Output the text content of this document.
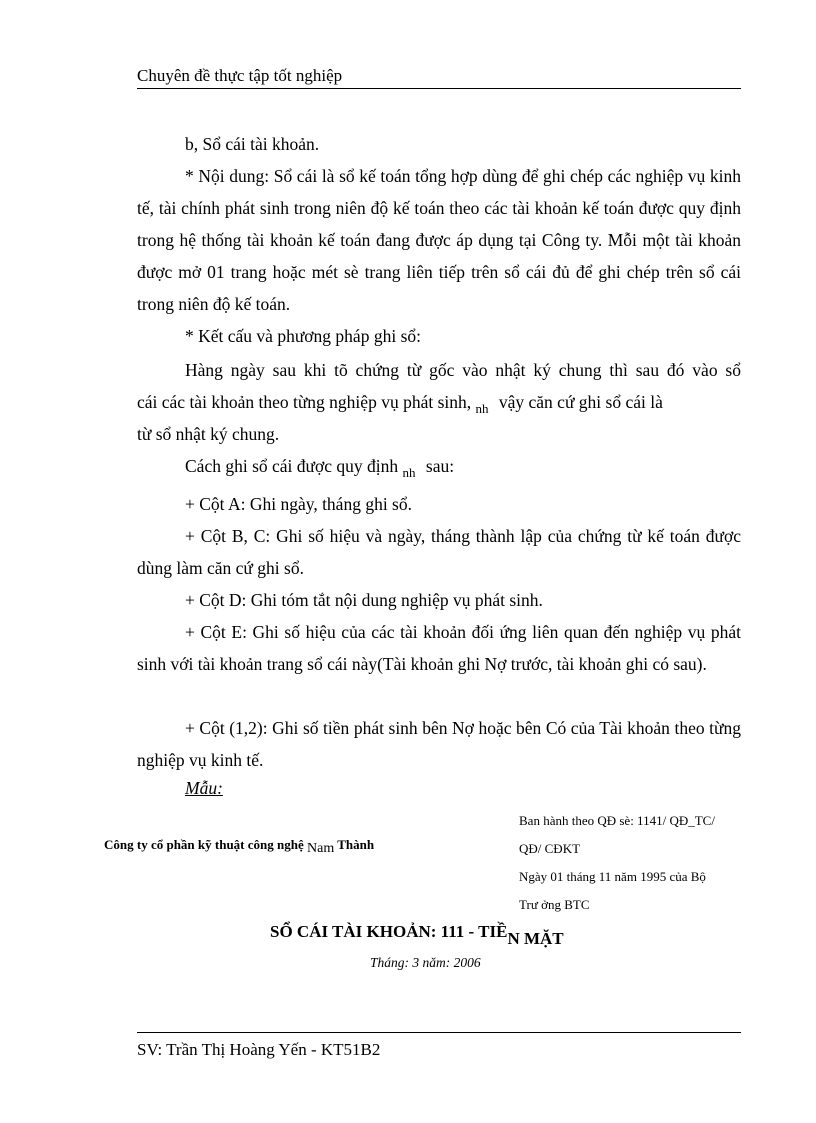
Chuyên đề thực tập tốt nghiệp
b, Sổ cái tài khoản.
* Nội dung: Sổ cái là sổ kế toán tổng hợp dùng để ghi chép các nghiệp vụ kinh tế, tài chính phát sinh trong niên độ kế toán theo các tài khoản kế toán được quy định trong hệ thống tài khoản kế toán đang được áp dụng tại Công ty. Mỗi một tài khoản được mở 01 trang hoặc mét sè trang liên tiếp trên sổ cái đủ để ghi chép trên sổ cái trong niên độ kế toán.
* Kết cấu và phương pháp ghi sổ:
Hàng ngày sau khi tõ chứng từ gốc vào nhật ký chung thì sau đó vào sổ
cái các tài khoản theo từng nghiệp vụ phát sinh, nh vậy căn cứ ghi sổ cái là
từ sổ nhật ký chung.
Cách ghi sổ cái được quy định nh sau:
+ Cột A: Ghi ngày, tháng ghi sổ.
+ Cột B, C: Ghi số hiệu và ngày, tháng thành lập của chứng từ kế toán được dùng làm căn cứ ghi sổ.
+ Cột D: Ghi tóm tắt nội dung nghiệp vụ phát sinh.
+ Cột E: Ghi số hiệu của các tài khoản đối ứng liên quan đến nghiệp vụ phát sinh với tài khoản trang sổ cái này(Tài khoản ghi Nợ trước, tài khoản ghi có sau).
+ Cột (1,2): Ghi số tiền phát sinh bên Nợ hoặc bên Có của Tài khoản theo từng nghiệp vụ kinh tế.
Mẫu:
Công ty cổ phần kỹ thuật công nghệ Nam Thành
Ban hành theo QĐ sè: 1141/ QĐ_TC/
QĐ/ CĐKT
Ngày 01 tháng 11 năm 1995 của Bộ
Trư ởng BTC
SỔ CÁI TÀI KHOẢN: 111 - TIỀN MẶT
Tháng: 3 năm: 2006
SV: Trần Thị Hoàng Yến - KT51B2
